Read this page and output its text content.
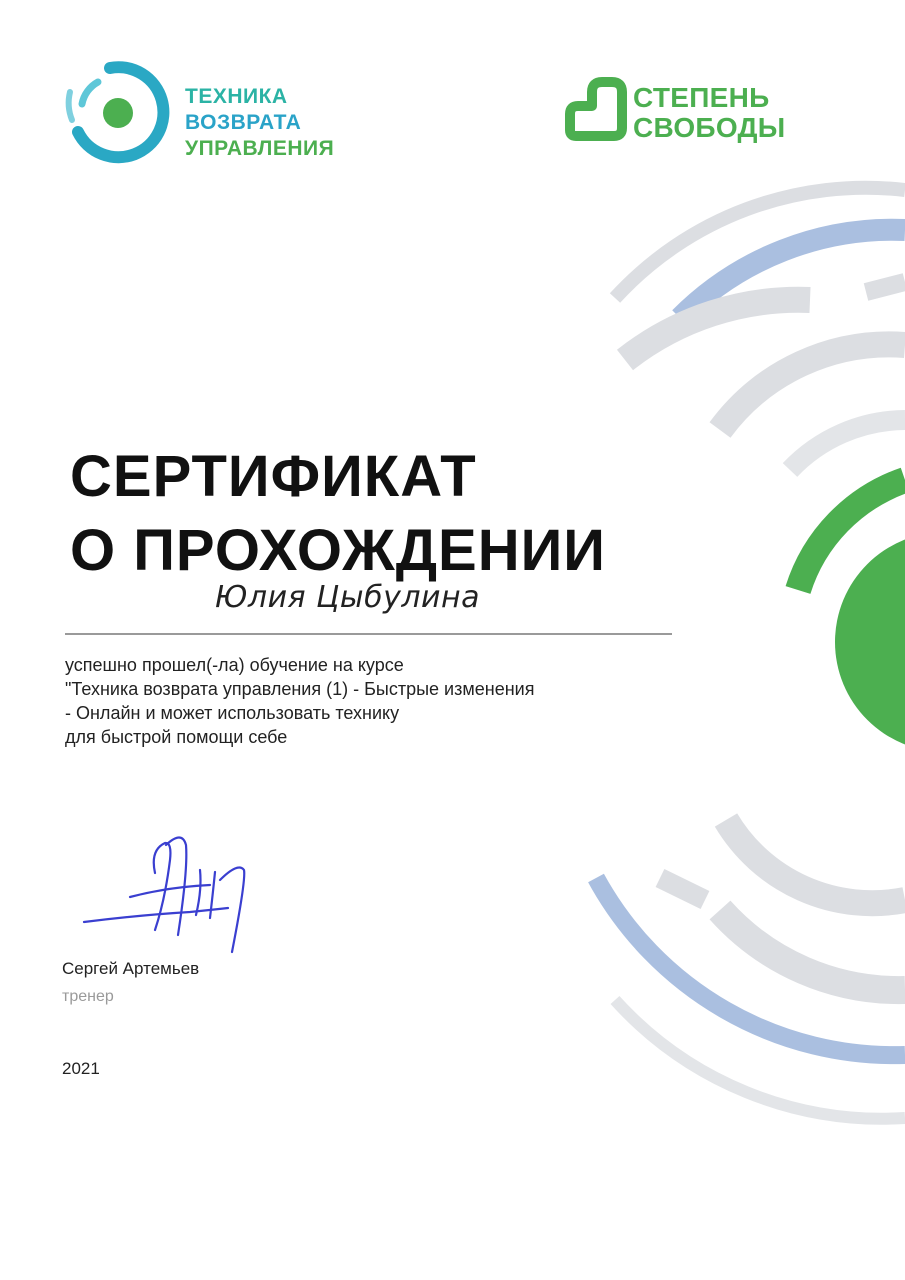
ТЕХНИКА
ВОЗВРАТА
УПРАВЛЕНИЯ
СТЕПЕНЬ
СВОБОДЫ
СЕРТИФИКАТ
О ПРОХОЖДЕНИИ
Юлия Цыбулина
успешно прошел(-ла) обучение на курсе
"Техника возврата управления (1) - Быстрые изменения
- Онлайн и может использовать технику
для быстрой помощи себе
Сергей Артемьев
тренер
2021
